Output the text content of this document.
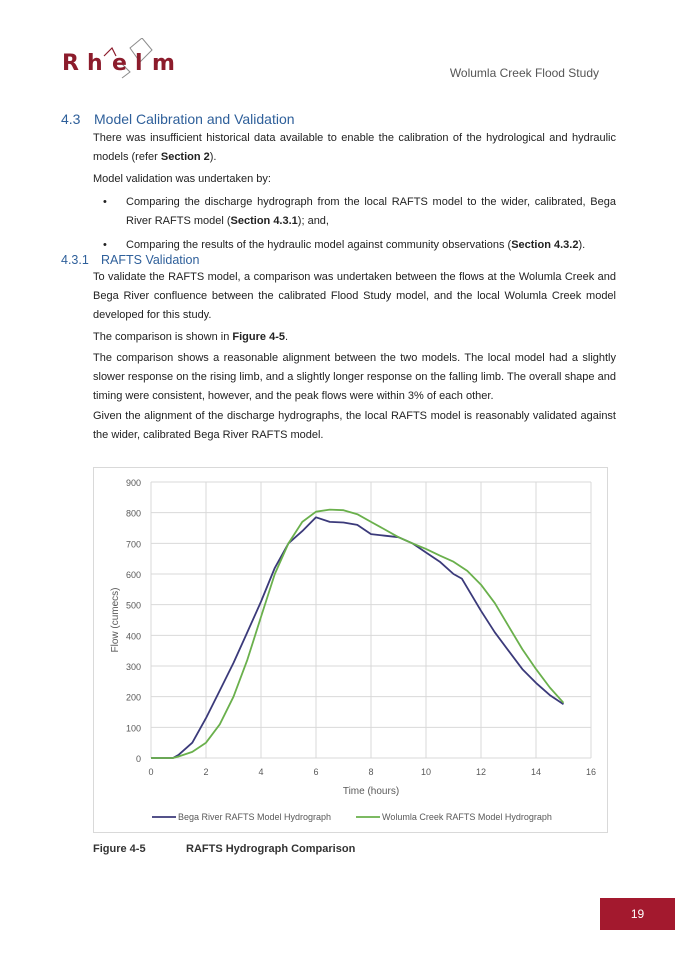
R h e l m	Wolumla Creek Flood Study
4.3 Model Calibration and Validation

There was insufficient historical data available to enable the calibration of the hydrological and hydraulic models (refer Section 2).

Model validation was undertaken by:

• Comparing the discharge hydrograph from the local RAFTS model to the wider, calibrated, Bega River RAFTS model (Section 4.3.1); and,
• Comparing the results of the hydraulic model against community observations (Section 4.3.2).
4.3.1 RAFTS Validation

To validate the RAFTS model, a comparison was undertaken between the flows at the Wolumla Creek and Bega River confluence between the calibrated Flood Study model, and the local Wolumla Creek model developed for this study.

The comparison is shown in Figure 4-5.

The comparison shows a reasonable alignment between the two models. The local model had a slightly slower response on the rising limb, and a slightly longer response on the falling limb. The overall shape and timing were consistent, however, and the peak flows were within 3% of each other.

Given the alignment of the discharge hydrographs, the local RAFTS model is reasonably validated against the wider, calibrated Bega River RAFTS model.

0
100
200
300
400
500
600
700
800
900
0	2	4	6	8	10	12	14	16
Time (hours)
Flow (cumecs)
Bega River RAFTS Model Hydrograph	Wolumla Creek RAFTS Model Hydrograph
Figure 4-5	RAFTS Hydrograph Comparison
19
